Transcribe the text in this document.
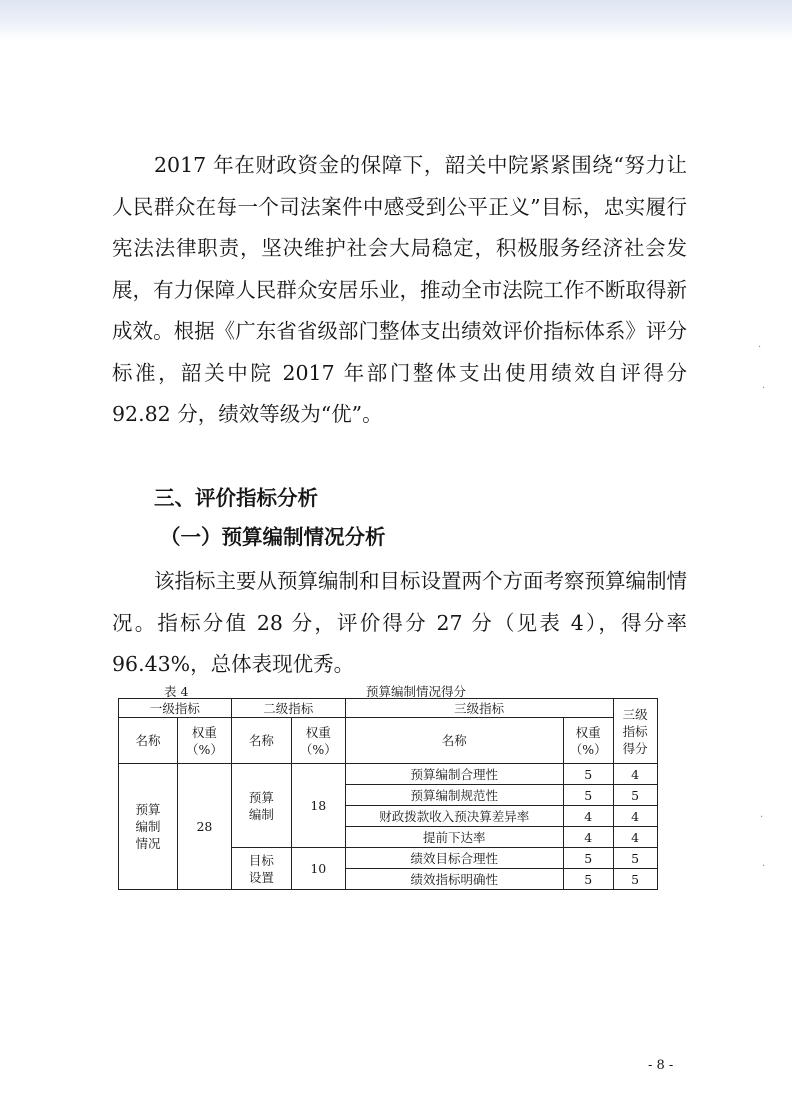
2017 年在财政资金的保障下，韶关中院紧紧围绕“努力让人民群众在每一个司法案件中感受到公平正义”目标，忠实履行宪法法律职责，坚决维护社会大局稳定，积极服务经济社会发展，有力保障人民群众安居乐业，推动全市法院工作不断取得新成效。根据《广东省省级部门整体支出绩效评价指标体系》评分标准，韶关中院 2017 年部门整体支出使用绩效自评得分 92.82 分，绩效等级为“优”。

三、评价指标分析

（一）预算编制情况分析

该指标主要从预算编制和目标设置两个方面考察预算编制情况。指标分值 28 分，评价得分 27 分（见表 4），得分率 96.43%，总体表现优秀。

表 4	预算编制情况得分
一级指标		二级指标		三级指标		三级指标得分
名称	权重（%）	名称	权重（%）	名称	权重（%）	
预算编制情况	28	预算编制	18	预算编制合理性	5	4
				预算编制规范性	5	5
				财政拨款收入预决算差异率	4	4
				提前下达率	4	4
		目标设置	10	绩效目标合理性	5	5
				绩效指标明确性	5	5
- 8 -
·
·
·
·
